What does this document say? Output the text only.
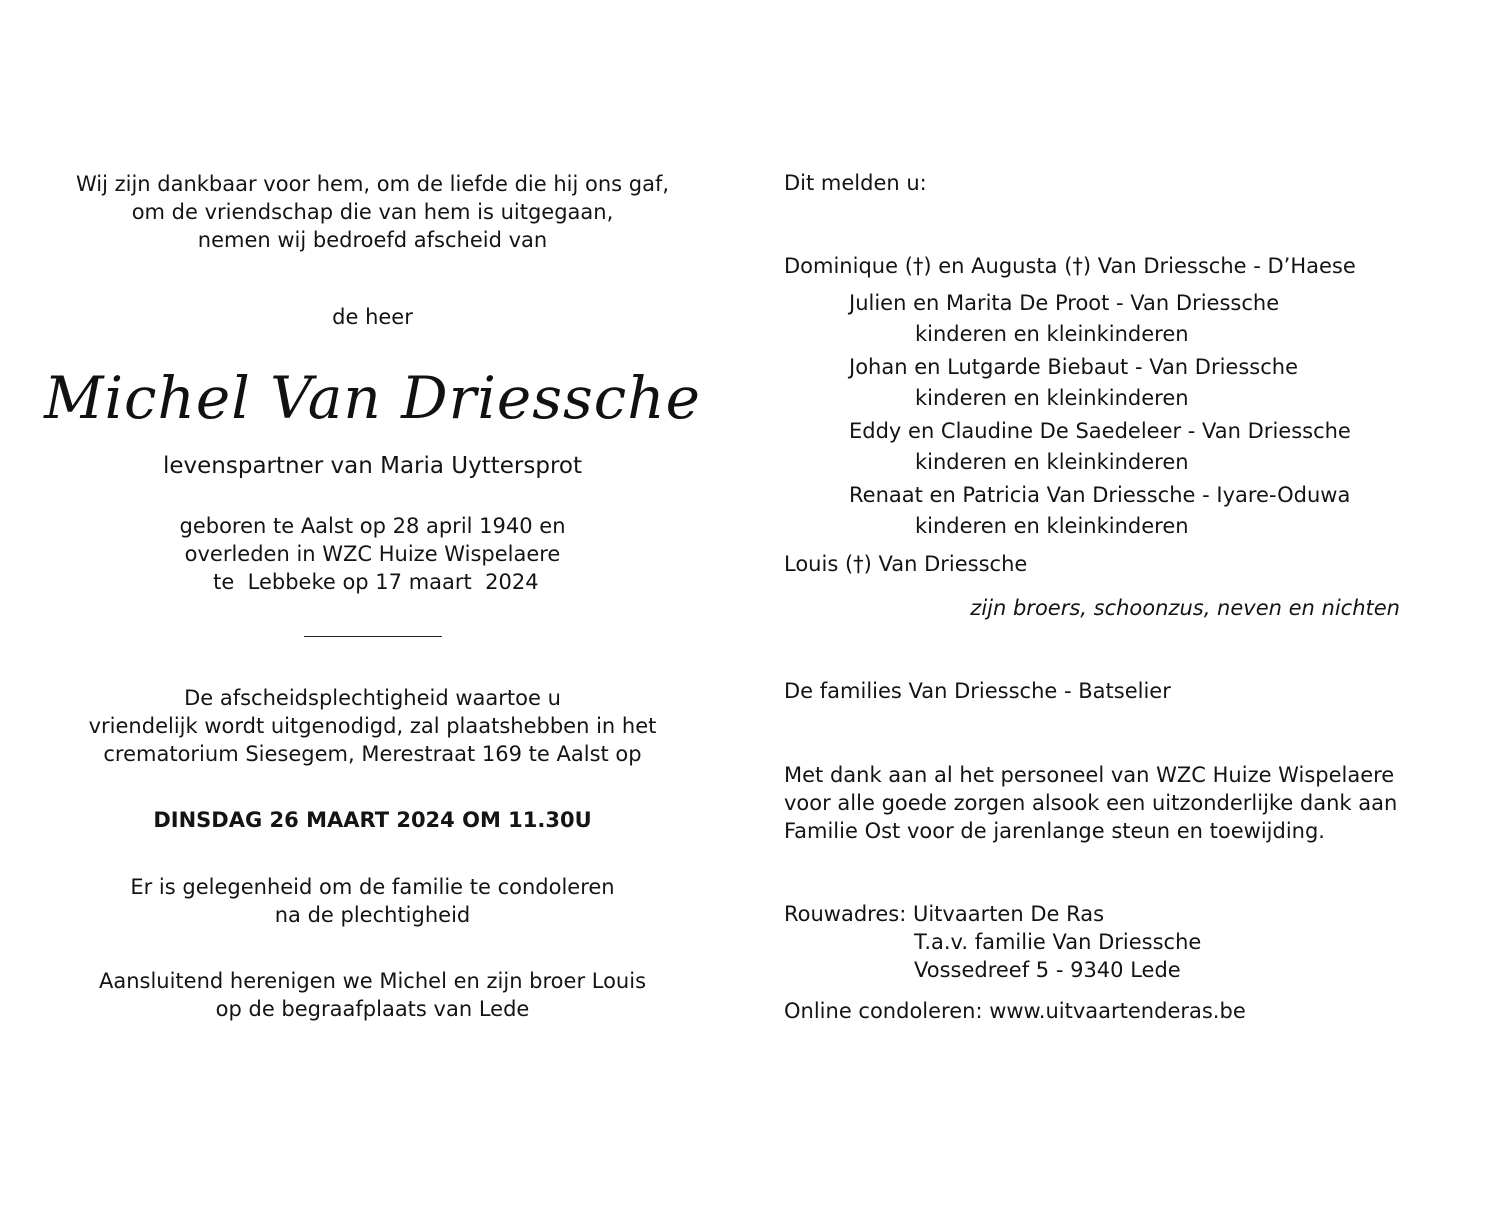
Wij zijn dankbaar voor hem, om de liefde die hij ons gaf,
om de vriendschap die van hem is uitgegaan,
nemen wij bedroefd afscheid van
de heer
Michel Van Driessche
levenspartner van Maria Uyttersprot
geboren te Aalst op 28 april 1940 en
overleden in WZC Huize Wispelaere
te  Lebbeke op 17 maart  2024
De afscheidsplechtigheid waartoe u
vriendelijk wordt uitgenodigd, zal plaatshebben in het
crematorium Siesegem, Merestraat 169 te Aalst op
DINSDAG 26 MAART 2024 OM 11.30U
Er is gelegenheid om de familie te condoleren
na de plechtigheid
Aansluitend herenigen we Michel en zijn broer Louis
op de begraafplaats van Lede
Dit melden u:
Dominique (†) en Augusta (†) Van Driessche - D’Haese
Julien en Marita De Proot - Van Driessche
kinderen en kleinkinderen
Johan en Lutgarde Biebaut - Van Driessche
kinderen en kleinkinderen
Eddy en Claudine De Saedeleer - Van Driessche
kinderen en kleinkinderen
Renaat en Patricia Van Driessche - Iyare-Oduwa
kinderen en kleinkinderen
Louis (†) Van Driessche
zijn broers, schoonzus, neven en nichten
De families Van Driessche - Batselier
Met dank aan al het personeel van WZC Huize Wispelaere
voor alle goede zorgen alsook een uitzonderlijke dank aan
Familie Ost voor de jarenlange steun en toewijding.
Rouwadres: Uitvaarten De Ras
T.a.v. familie Van Driessche
Vossedreef 5 - 9340 Lede
Online condoleren: www.uitvaartenderas.be
